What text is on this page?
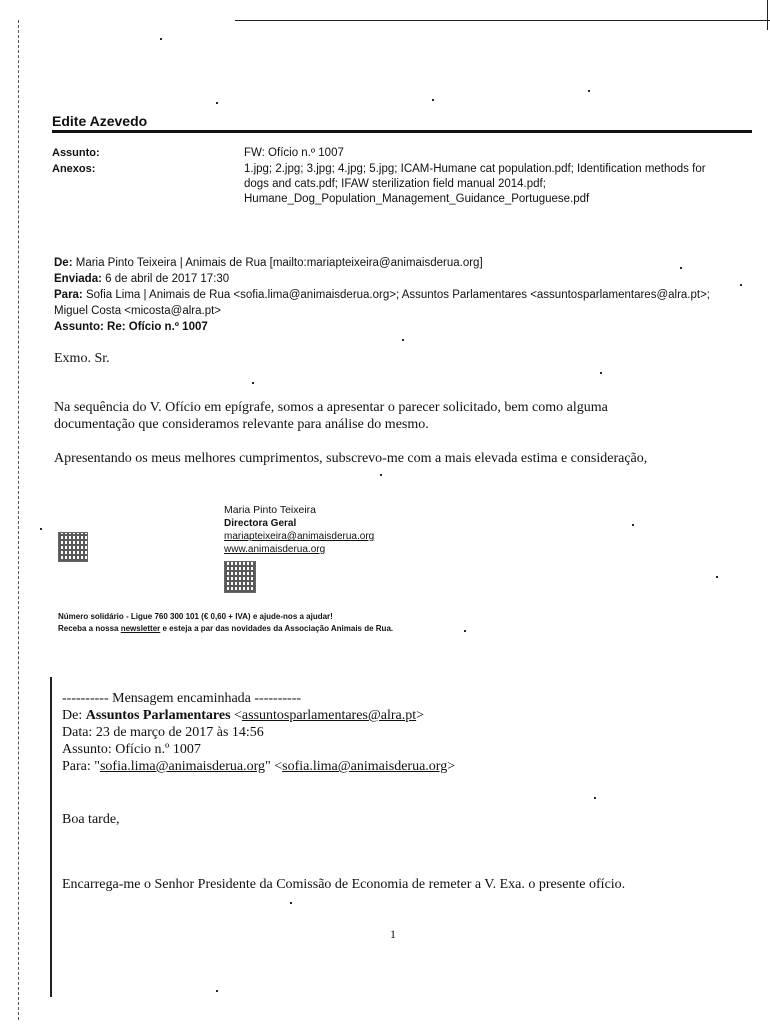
Edite Azevedo
Assunto:	FW: Ofício n.º 1007
Anexos:	1.jpg; 2.jpg; 3.jpg; 4.jpg; 5.jpg; ICAM-Humane cat population.pdf; Identification methods for dogs and cats.pdf; IFAW sterilization field manual 2014.pdf; Humane_Dog_Population_Management_Guidance_Portuguese.pdf
De: Maria Pinto Teixeira | Animais de Rua [mailto:mariapteixeira@animaisderua.org]
Enviada: 6 de abril de 2017 17:30
Para: Sofia Lima | Animais de Rua <sofia.lima@animaisderua.org>; Assuntos Parlamentares <assuntosparlamentares@alra.pt>; Miguel Costa <micosta@alra.pt>
Assunto: Re: Ofício n.º 1007
Exmo. Sr.
Na sequência do V. Ofício em epígrafe, somos a apresentar o parecer solicitado, bem como alguma
documentação que consideramos relevante para análise do mesmo.
Apresentando os meus melhores cumprimentos, subscrevo-me com a mais elevada estima e consideração,
Maria Pinto Teixeira
Directora Geral
mariapteixeira@animaisderua.org
www.animaisderua.org
Número solidário - Ligue 760 300 101 (€ 0,60 + IVA) e ajude-nos a ajudar!
Receba a nossa newsletter e esteja a par das novidades da Associação Animais de Rua.
---------- Mensagem encaminhada ----------
De: Assuntos Parlamentares <assuntosparlamentares@alra.pt>
Data: 23 de março de 2017 às 14:56
Assunto: Ofício n.º 1007
Para: "sofia.lima@animaisderua.org" <sofia.lima@animaisderua.org>
Boa tarde,
Encarrega-me o Senhor Presidente da Comissão de Economia de remeter a V. Exa. o presente ofício.
1
